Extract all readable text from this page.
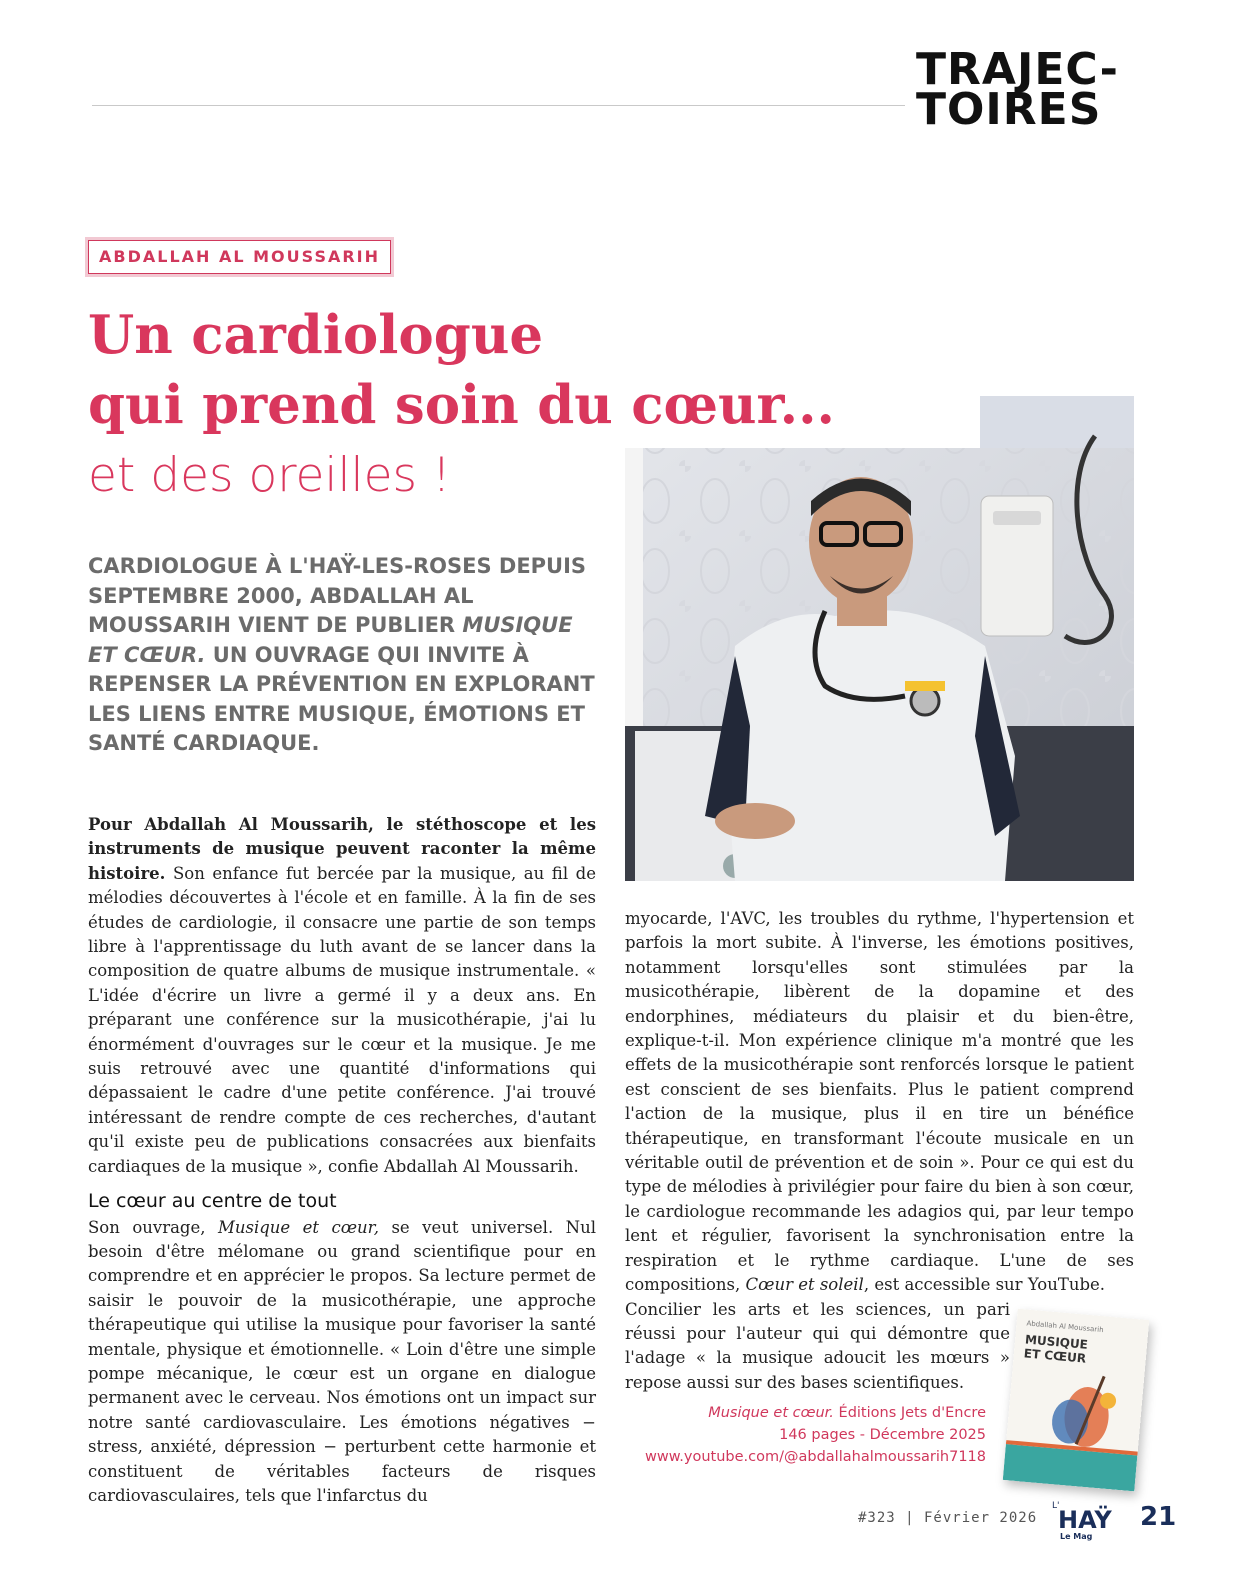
TRAJEC-
TOIRES
ABDALLAH AL MOUSSARIH
Un cardiologue
qui prend soin du cœur...
et des oreilles !
CARDIOLOGUE À L'HAŸ-LES-ROSES DEPUIS SEPTEMBRE 2000, ABDALLAH AL MOUSSARIH VIENT DE PUBLIER MUSIQUE ET CŒUR. UN OUVRAGE QUI INVITE À REPENSER LA PRÉVENTION EN EXPLORANT LES LIENS ENTRE MUSIQUE, ÉMOTIONS ET SANTÉ CARDIAQUE.

Pour Abdallah Al Moussarih, le stéthoscope et les instruments de musique peuvent raconter la même histoire. Son enfance fut bercée par la musique, au fil de mélodies découvertes à l'école et en famille. À la fin de ses études de cardiologie, il consacre une partie de son temps libre à l'apprentissage du luth avant de se lancer dans la composition de quatre albums de musique instrumentale. « L'idée d'écrire un livre a germé il y a deux ans. En préparant une conférence sur la musicothérapie, j'ai lu énormément d'ouvrages sur le cœur et la musique. Je me suis retrouvé avec une quantité d'informations qui dépassaient le cadre d'une petite conférence. J'ai trouvé intéressant de rendre compte de ces recherches, d'autant qu'il existe peu de publications consacrées aux bienfaits cardiaques de la musique », confie Abdallah Al Moussarih.

Le cœur au centre de tout

Son ouvrage, Musique et cœur, se veut universel. Nul besoin d'être mélomane ou grand scientifique pour en comprendre et en apprécier le propos. Sa lecture permet de saisir le pouvoir de la musicothérapie, une approche thérapeutique qui utilise la musique pour favoriser la santé mentale, physique et émotionnelle. « Loin d'être une simple pompe mécanique, le cœur est un organe en dialogue permanent avec le cerveau. Nos émotions ont un impact sur notre santé cardiovasculaire. Les émotions négatives − stress, anxiété, dépression − perturbent cette harmonie et constituent de véritables facteurs de risques cardiovasculaires, tels que l'infarctus du

myocarde, l'AVC, les troubles du rythme, l'hypertension et parfois la mort subite. À l'inverse, les émotions positives, notamment lorsqu'elles sont stimulées par la musicothérapie, libèrent de la dopamine et des endorphines, médiateurs du plaisir et du bien-être, explique-t-il. Mon expérience clinique m'a montré que les effets de la musicothérapie sont renforcés lorsque le patient est conscient de ses bienfaits. Plus le patient comprend l'action de la musique, plus il en tire un bénéfice thérapeutique, en transformant l'écoute musicale en un véritable outil de prévention et de soin ». Pour ce qui est du type de mélodies à privilégier pour faire du bien à son cœur, le cardiologue recommande les adagios qui, par leur tempo lent et régulier, favorisent la synchronisation entre la respiration et le rythme cardiaque. L'une de ses compositions, Cœur et soleil, est accessible sur YouTube.

Concilier les arts et les sciences, un pari réussi pour l'auteur qui qui démontre que l'adage « la musique adoucit les mœurs » repose aussi sur des bases scientifiques.

Abdallah Al Moussarih
MUSIQUE
ET CŒUR
Musique et cœur. Éditions Jets d'Encre
146 pages - Décembre 2025
www.youtube.com/@abdallahalmoussarih7118
#323 | Février 2026
L'
HAŸ
Le Mag
21
